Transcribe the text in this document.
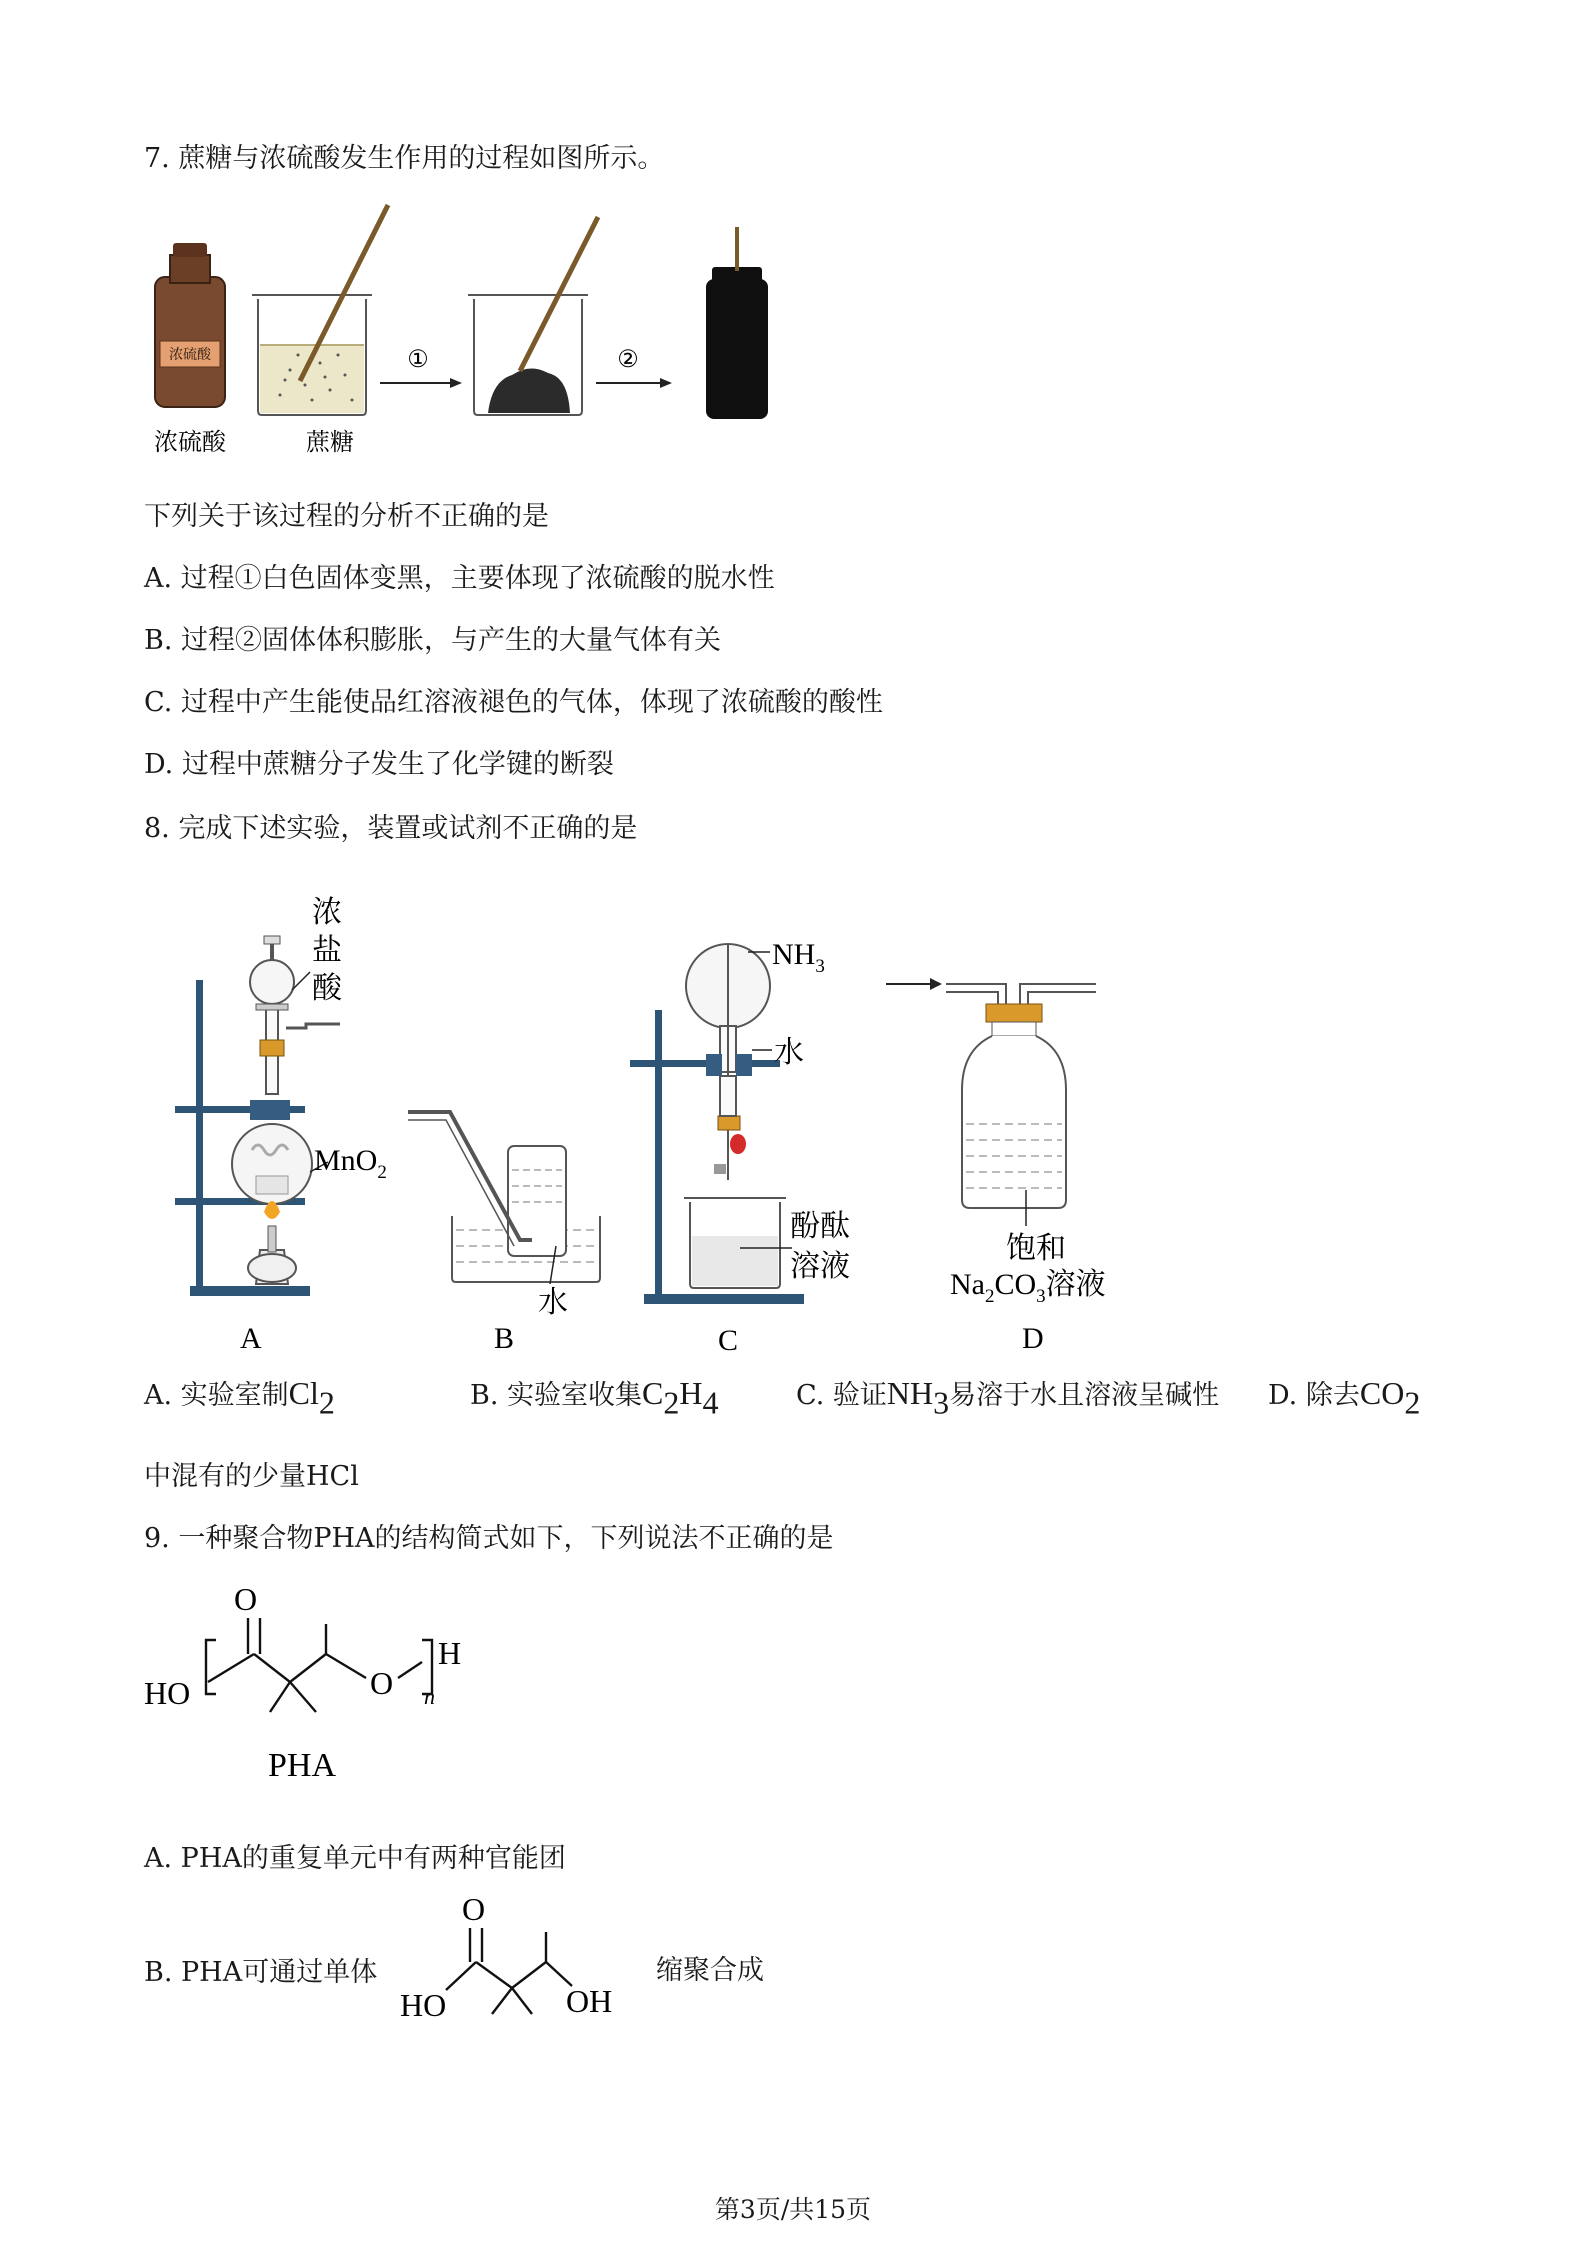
7. 蔗糖与浓硫酸发生作用的过程如图所示。
浓硫酸
浓硫酸	蔗糖
①	②
下列关于该过程的分析不正确的是
A. 过程①白色固体变黑，主要体现了浓硫酸的脱水性
B. 过程②固体体积膨胀，与产生的大量气体有关
C. 过程中产生能使品红溶液褪色的气体，体现了浓硫酸的酸性
D. 过程中蔗糖分子发生了化学键的断裂
8. 完成下述实验，装置或试剂不正确的是
浓
盐
酸
MnO$_2$
水
$NH_3$
水
酚酞
溶液
饱和
$Na_2CO_3$溶液
A	B	C	D
A. 实验室制$Cl_2$	B. 实验室收集$C_2H_4$	C. 验证$NH_3$易溶于水且溶液呈碱性 D. 除去$CO_2$
中混有的少量HCl
9. 一种聚合物PHA的结构简式如下，下列说法不正确的是
O
HO	O
H
n
PHA
A. PHA的重复单元中有两种官能团
B. PHA可通过单体
O
HO	OH
缩聚合成
第3页/共15页
